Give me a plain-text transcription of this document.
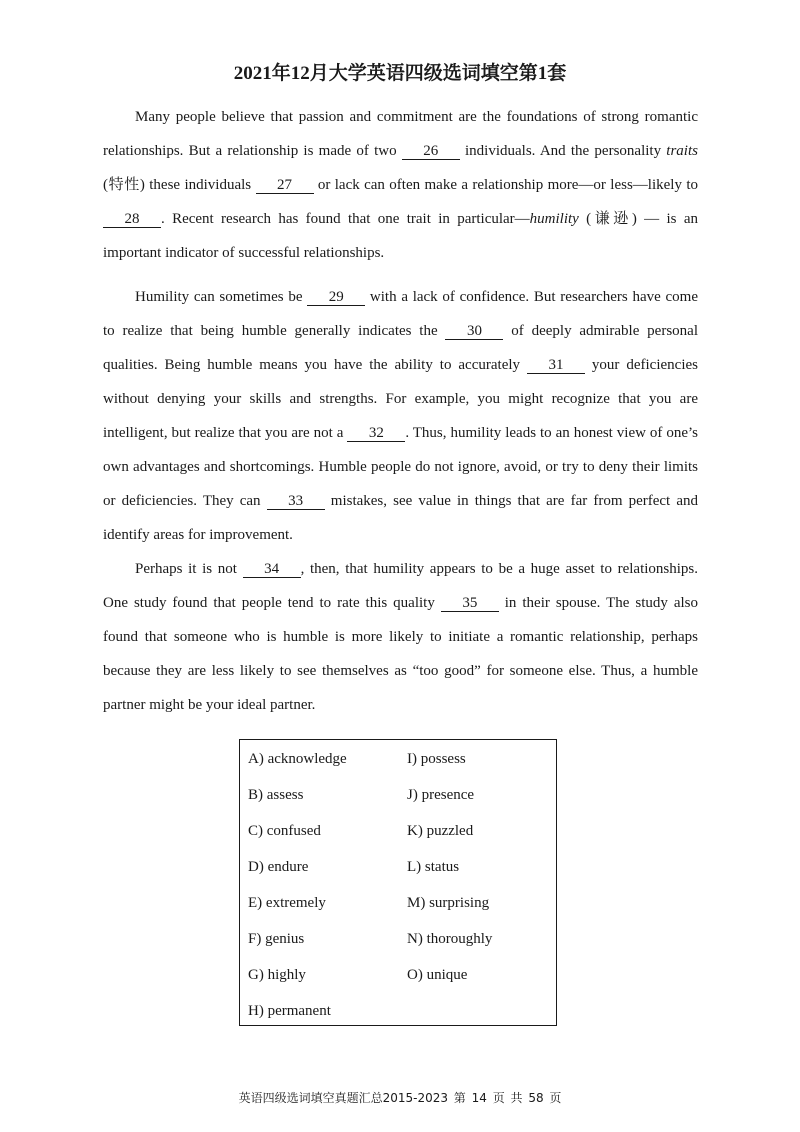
2021年12月大学英语四级选词填空第1套

Many people believe that passion and commitment are the foundations of strong romantic relationships. But a relationship is made of two 26 individuals. And the personality traits (特性) these individuals 27 or lack can often make a relationship more—or less—likely to 28 . Recent research has found that one trait in particular—humility (谦逊) — is an important indicator of successful relationships.

Humility can sometimes be 29 with a lack of confidence. But researchers have come to realize that being humble generally indicates the 30 of deeply admirable personal qualities. Being humble means you have the ability to accurately 31 your deficiencies without denying your skills and strengths. For example, you might recognize that you are intelligent, but realize that you are not a 32 . Thus, humility leads to an honest view of one’s own advantages and shortcomings. Humble people do not ignore, avoid, or try to deny their limits or deficiencies. They can 33 mistakes, see value in things that are far from perfect and identify areas for improvement.

Perhaps it is not 34 , then, that humility appears to be a huge asset to relationships. One study found that people tend to rate this quality 35 in their spouse. The study also found that someone who is humble is more likely to initiate a romantic relationship, perhaps because they are less likely to see themselves as “too good” for someone else. Thus, a humble partner might be your ideal partner.

A) acknowledge
B) assess
C) confused
D) endure
E) extremely
F) genius
G) highly
H) permanent
I) possess
J) presence
K) puzzled
L) status
M) surprising
N) thoroughly
O) unique
英语四级选词填空真题汇总2015-2023 第 14 页 共 58 页
